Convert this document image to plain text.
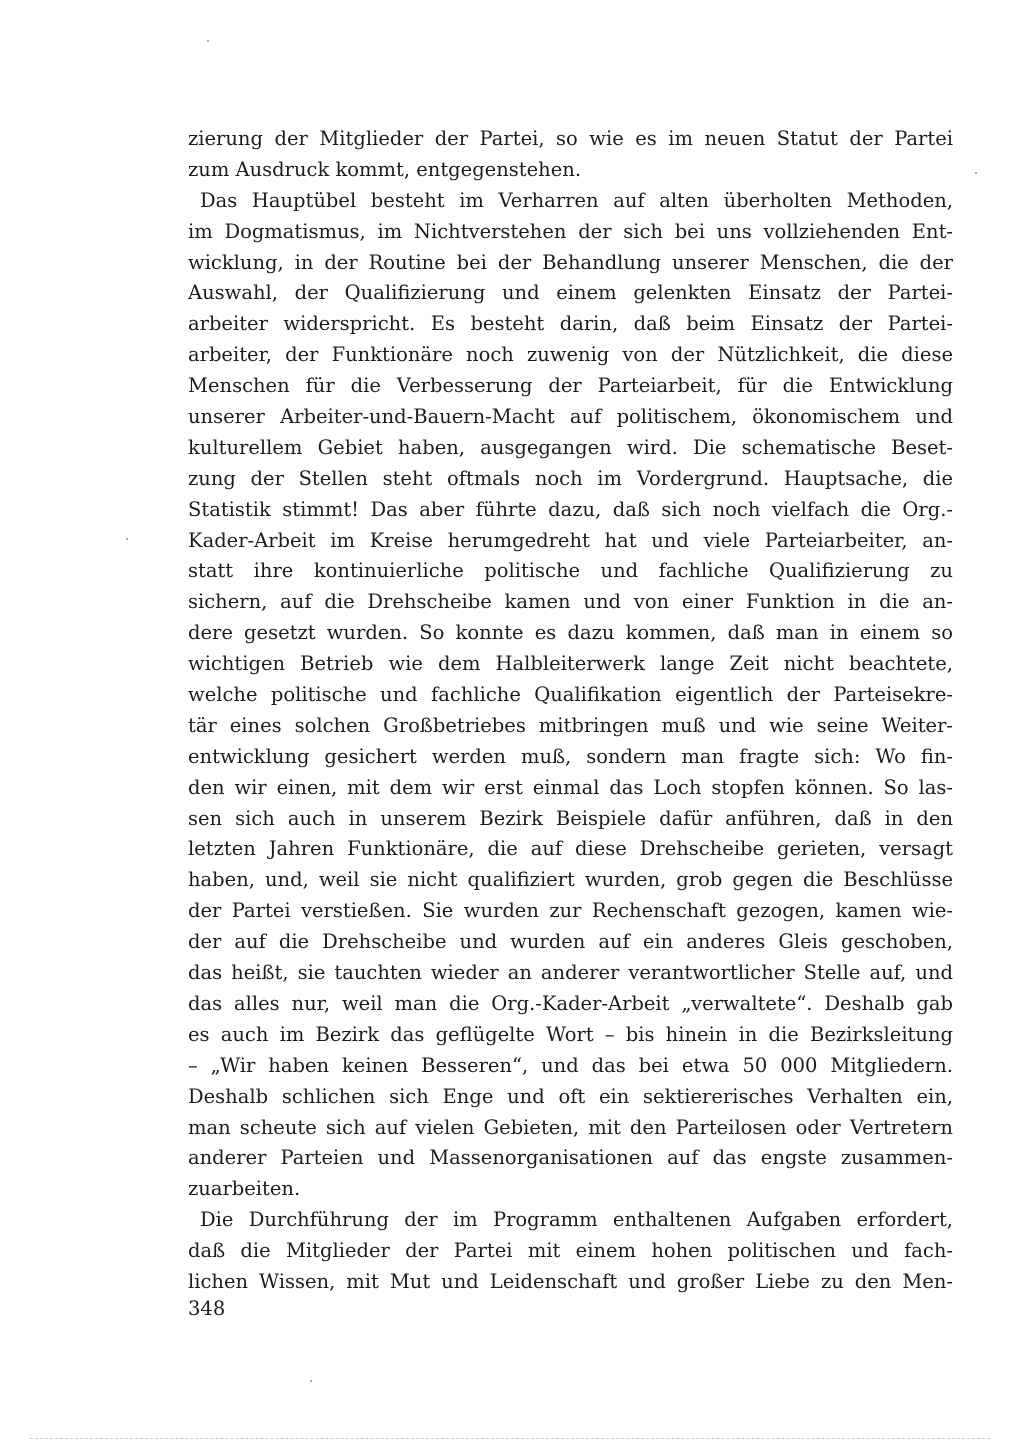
zierung der Mitglieder der Partei, so wie es im neuen Statut der Partei
zum Ausdruck kommt, entgegenstehen.
Das Hauptübel besteht im Verharren auf alten überholten Methoden,
im Dogmatismus, im Nichtverstehen der sich bei uns vollziehenden Ent-
wicklung, in der Routine bei der Behandlung unserer Menschen, die der
Auswahl, der Qualifizierung und einem gelenkten Einsatz der Partei-
arbeiter widerspricht. Es besteht darin, daß beim Einsatz der Partei-
arbeiter, der Funktionäre noch zuwenig von der Nützlichkeit, die diese
Menschen für die Verbesserung der Parteiarbeit, für die Entwicklung
unserer Arbeiter-und-Bauern-Macht auf politischem, ökonomischem und
kulturellem Gebiet haben, ausgegangen wird. Die schematische Beset-
zung der Stellen steht oftmals noch im Vordergrund. Hauptsache, die
Statistik stimmt! Das aber führte dazu, daß sich noch vielfach die Org.-
Kader-Arbeit im Kreise herumgedreht hat und viele Parteiarbeiter, an-
statt ihre kontinuierliche politische und fachliche Qualifizierung zu
sichern, auf die Drehscheibe kamen und von einer Funktion in die an-
dere gesetzt wurden. So konnte es dazu kommen, daß man in einem so
wichtigen Betrieb wie dem Halbleiterwerk lange Zeit nicht beachtete,
welche politische und fachliche Qualifikation eigentlich der Parteisekre-
tär eines solchen Großbetriebes mitbringen muß und wie seine Weiter-
entwicklung gesichert werden muß, sondern man fragte sich: Wo fin-
den wir einen, mit dem wir erst einmal das Loch stopfen können. So las-
sen sich auch in unserem Bezirk Beispiele dafür anführen, daß in den
letzten Jahren Funktionäre, die auf diese Drehscheibe gerieten, versagt
haben, und, weil sie nicht qualifiziert wurden, grob gegen die Beschlüsse
der Partei verstießen. Sie wurden zur Rechenschaft gezogen, kamen wie-
der auf die Drehscheibe und wurden auf ein anderes Gleis geschoben,
das heißt, sie tauchten wieder an anderer verantwortlicher Stelle auf, und
das alles nur, weil man die Org.-Kader-Arbeit „verwaltete“. Deshalb gab
es auch im Bezirk das geflügelte Wort – bis hinein in die Bezirksleitung
– „Wir haben keinen Besseren“, und das bei etwa 50 000 Mitgliedern.
Deshalb schlichen sich Enge und oft ein sektiererisches Verhalten ein,
man scheute sich auf vielen Gebieten, mit den Parteilosen oder Vertretern
anderer Parteien und Massenorganisationen auf das engste zusammen-
zuarbeiten.
Die Durchführung der im Programm enthaltenen Aufgaben erfordert,
daß die Mitglieder der Partei mit einem hohen politischen und fach-
lichen Wissen, mit Mut und Leidenschaft und großer Liebe zu den Men-
348
